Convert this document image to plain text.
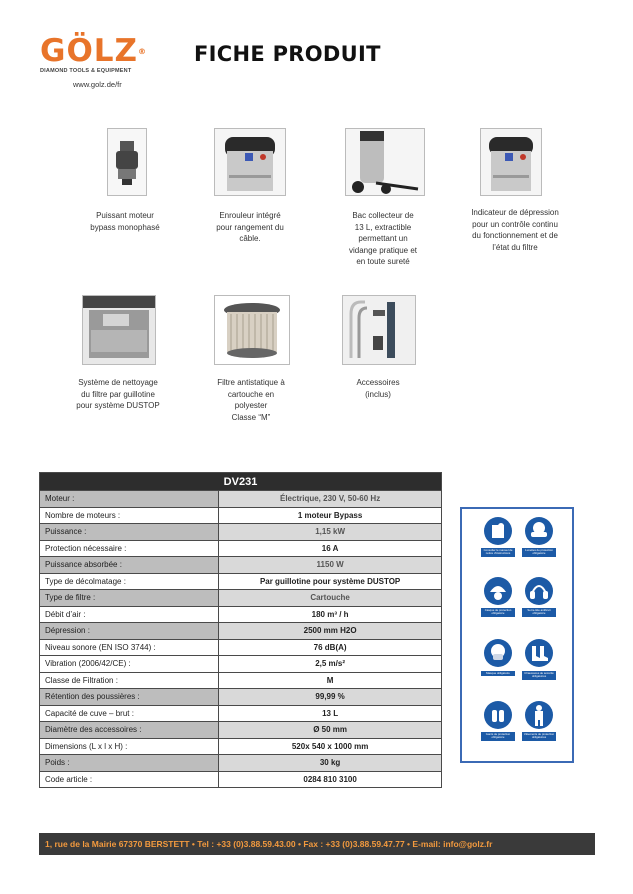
GÖLZ®
DIAMOND TOOLS & EQUIPMENT
www.golz.de/fr
FICHE PRODUIT
Puissant moteur
bypass monophasé
Enrouleur intégré
pour rangement du
câble.
Bac collecteur de
13 L, extractible
permettant un
vidange pratique et
en toute sureté
Indicateur de dépression
pour un contrôle continu
du fonctionnement et de
l’état du filtre
Système de nettoyage
du filtre par guillotine
pour système DUSTOP
Filtre antistatique à
cartouche en
polyester
Classe “M”
Accessoires
(inclus)
DV231	
Moteur :	Électrique, 230 V, 50-60 Hz
Nombre de moteurs :	1 moteur Bypass
Puissance :	1,15 kW
Protection nécessaire :	16 A
Puissance absorbée :	1150 W
Type de décolmatage :	Par guillotine pour système DUSTOP
Type de filtre :	Cartouche
Débit d’air :	180 m³ / h
Dépression :	2500 mm H2O
Niveau sonore (EN ISO 3744) :	76 dB(A)
Vibration (2006/42/CE) :	2,5 m/s²
Classe de Filtration :	M
Rétention des poussières :	99,99 %
Capacité de cuve – brut :	13 L
Diamètre des accessoires :	Ø 50 mm
Dimensions (L x l x H) :	520x 540 x 1000 mm
Poids :	30 kg
Code article :	0284 810 3100
Consulter le manuel de notice d'instructions
Lunettes de protection obligatoire
Casque de protection obligatoire
Serre-tête antibruit obligatoire
Masque obligatoire	Chaussures de sécurité obligatoires
Gants de protection obligatoire
Vêtements de protection obligatoires
1, rue de la Mairie 67370 BERSTETT • Tel : +33 (0)3.88.59.43.00 • Fax : +33 (0)3.88.59.47.77 • E-mail: info@golz.fr
